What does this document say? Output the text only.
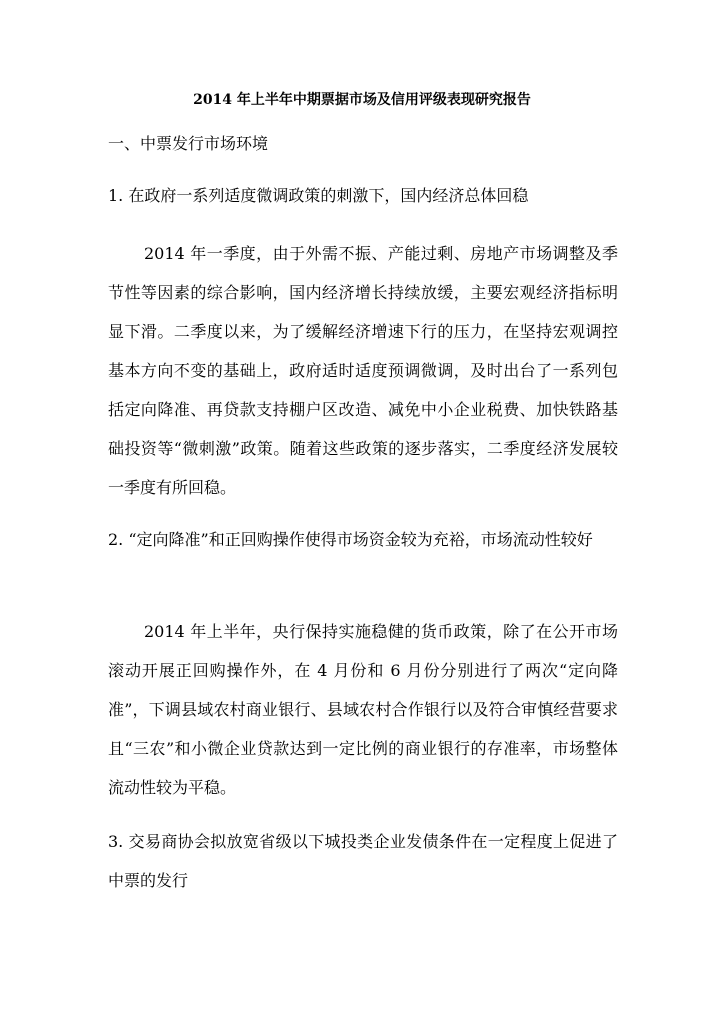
2014 年上半年中期票据市场及信用评级表现研究报告
一、中票发行市场环境
1. 在政府一系列适度微调政策的刺激下，国内经济总体回稳

2014 年一季度，由于外需不振、产能过剩、房地产市场调整及季节性等因素的综合影响，国内经济增长持续放缓，主要宏观经济指标明显下滑。二季度以来，为了缓解经济增速下行的压力，在坚持宏观调控基本方向不变的基础上，政府适时适度预调微调，及时出台了一系列包括定向降准、再贷款支持棚户区改造、减免中小企业税费、加快铁路基础投资等“微刺激”政策。随着这些政策的逐步落实，二季度经济发展较一季度有所回稳。

2. “定向降准”和正回购操作使得市场资金较为充裕，市场流动性较好

2014 年上半年，央行保持实施稳健的货币政策，除了在公开市场滚动开展正回购操作外，在 4 月份和 6 月份分别进行了两次“定向降准”，下调县域农村商业银行、县域农村合作银行以及符合审慎经营要求且“三农”和小微企业贷款达到一定比例的商业银行的存准率，市场整体流动性较为平稳。

3. 交易商协会拟放宽省级以下城投类企业发债条件在一定程度上促进了中票的发行
